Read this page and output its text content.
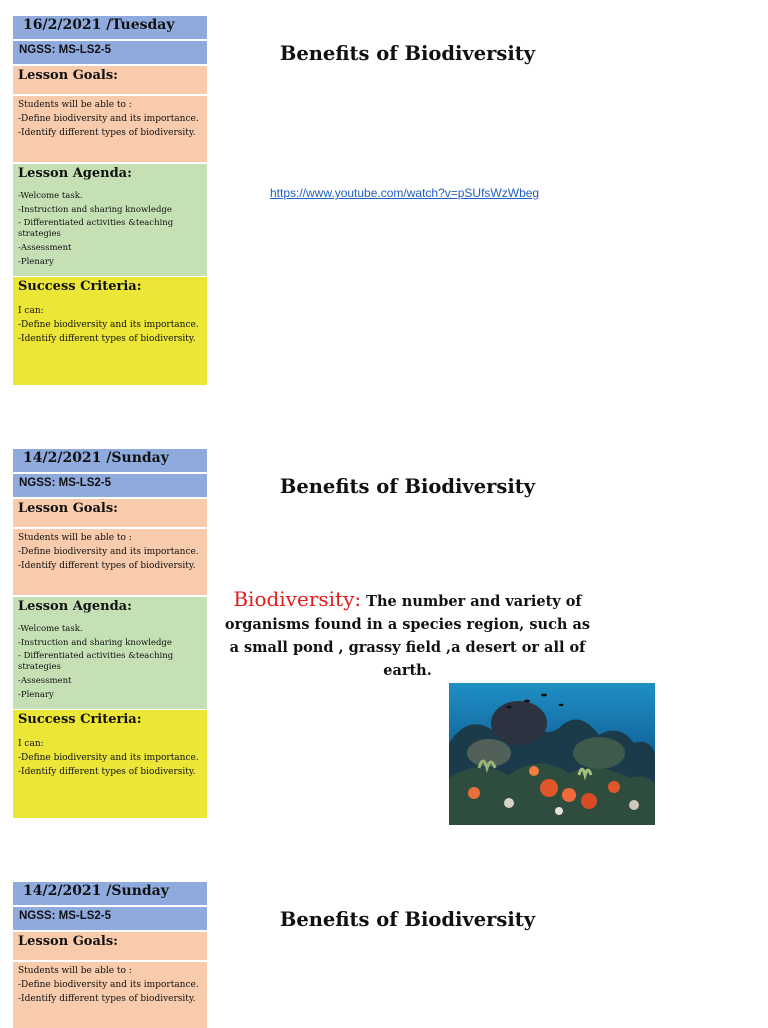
16/2/2021 /Tuesday
NGSS: MS-LS2-5
Lesson Goals:
Students will be able to :
-Define biodiversity and its importance.
-Identify different types of biodiversity.
Lesson Agenda:
-Welcome task.
-Instruction and sharing knowledge
- Differentiated activities &teaching strategies
-Assessment
-Plenary
Success Criteria:
I can:
-Define biodiversity and its importance.
-Identify different types of biodiversity.
Benefits of Biodiversity
https://www.youtube.com/watch?v=pSUfsWzWbeg
14/2/2021 /Sunday
NGSS: MS-LS2-5
Lesson Goals:
Students will be able to :
-Define biodiversity and its importance.
-Identify different types of biodiversity.
Lesson Agenda:
-Welcome task.
-Instruction and sharing knowledge
- Differentiated activities &teaching strategies
-Assessment
-Plenary
Success Criteria:
I can:
-Define biodiversity and its importance.
-Identify different types of biodiversity.
Benefits of Biodiversity
Biodiversity: The number and variety of organisms found in a species region, such as a small pond , grassy field ,a desert or all of earth.
14/2/2021 /Sunday
NGSS: MS-LS2-5
Lesson Goals:
Students will be able to :
-Define biodiversity and its importance.
-Identify different types of biodiversity.
Benefits of Biodiversity
